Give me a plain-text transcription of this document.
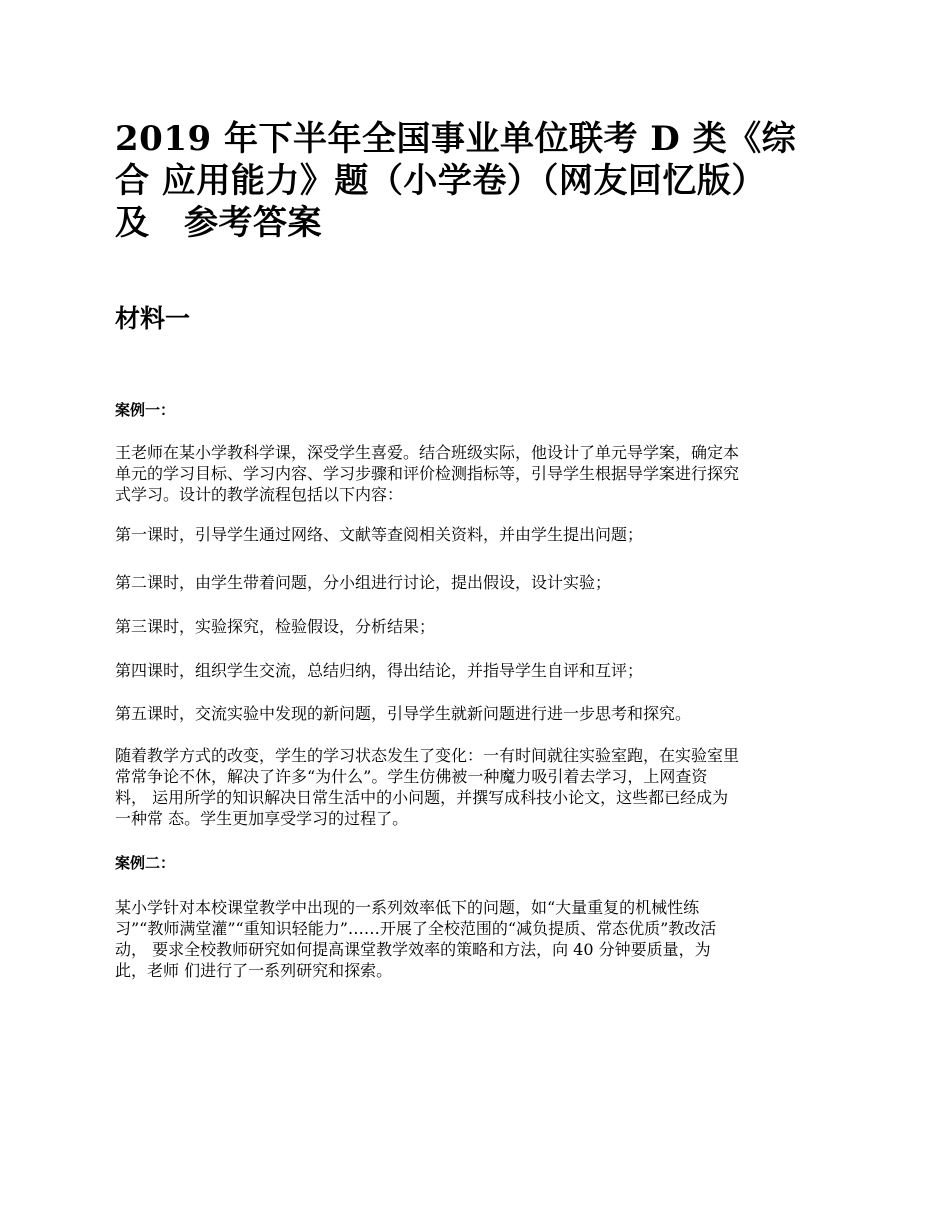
2019 年下半年全国事业单位联考 D 类《综
合 应用能力》题（小学卷）（网友回忆版）
及　参考答案
材料一

案例一：

王老师在某小学教科学课，深受学生喜爱。结合班级实际，他设计了单元导学案，确定本
单元的学习目标、学习内容、学习步骤和评价检测指标等，引导学生根据导学案进行探究
式学习。设计的教学流程包括以下内容：

第一课时，引导学生通过网络、文献等查阅相关资料，并由学生提出问题；

第二课时，由学生带着问题，分小组进行讨论，提出假设，设计实验；

第三课时，实验探究，检验假设，分析结果；

第四课时，组织学生交流，总结归纳，得出结论，并指导学生自评和互评；

第五课时，交流实验中发现的新问题，引导学生就新问题进行进一步思考和探究。

随着教学方式的改变，学生的学习状态发生了变化：一有时间就往实验室跑，在实验室里
常常争论不休，解决了许多“为什么”。学生仿佛被一种魔力吸引着去学习，上网查资
料， 运用所学的知识解决日常生活中的小问题，并撰写成科技小论文，这些都已经成为
一种常 态。学生更加享受学习的过程了。

案例二：

某小学针对本校课堂教学中出现的一系列效率低下的问题，如“大量重复的机械性练
习”“教师满堂灌”“重知识轻能力”……开展了全校范围的“减负提质、常态优质”教改活
动， 要求全校教师研究如何提高课堂教学效率的策略和方法，向 40 分钟要质量，为
此，老师 们进行了一系列研究和探索。
